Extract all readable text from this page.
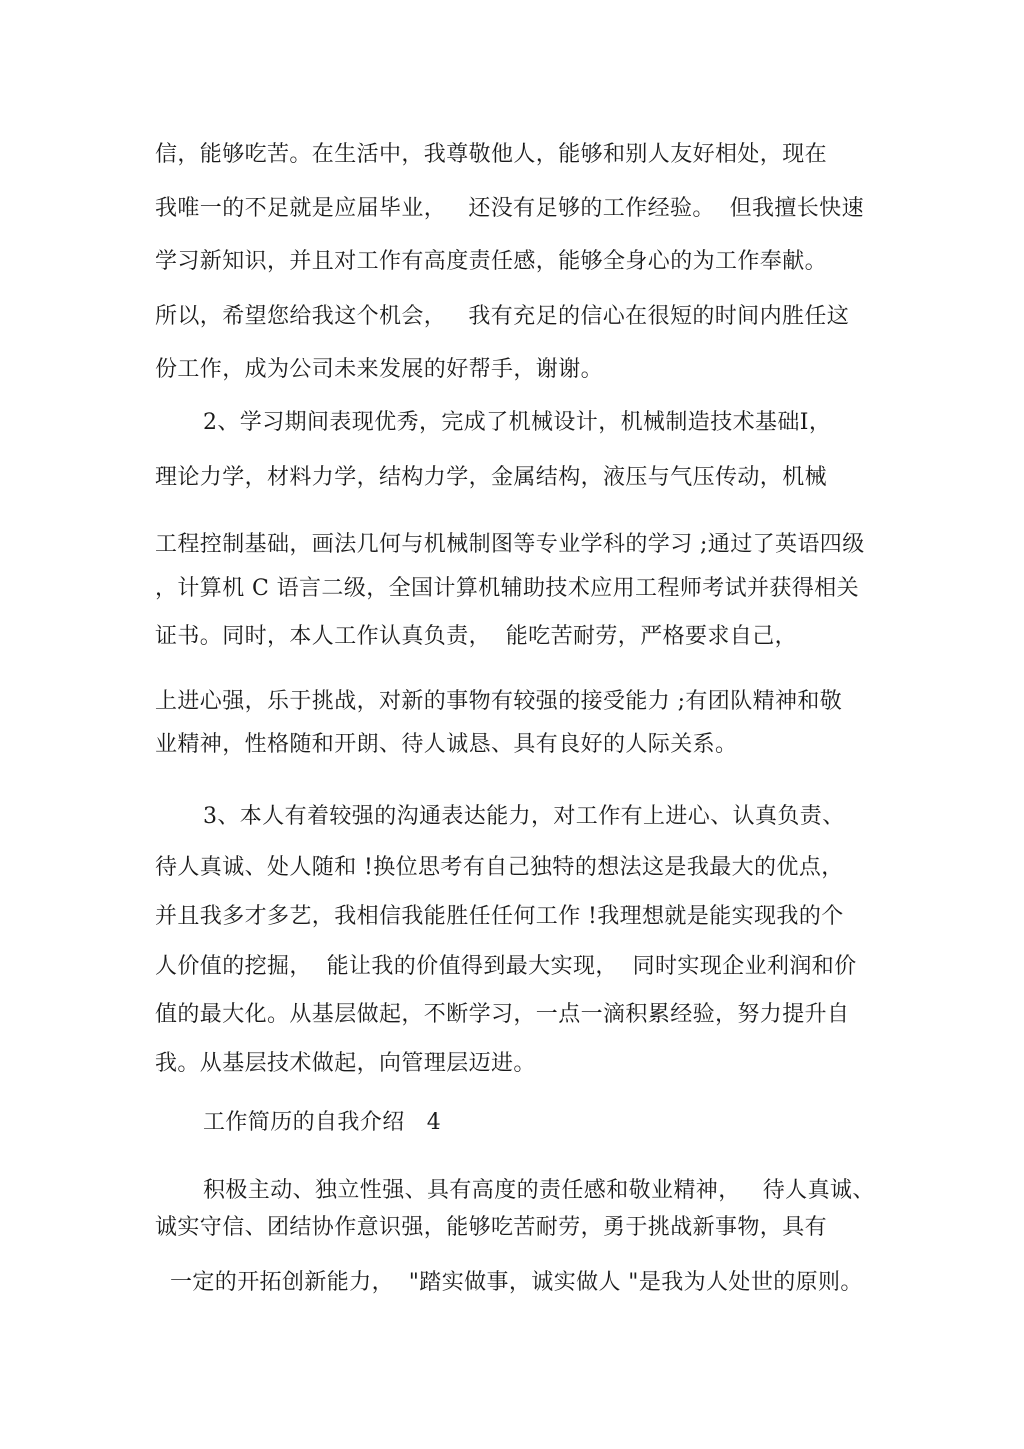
信，能够吃苦。在生活中，我尊敬他人，能够和别人友好相处，现在
我唯一的不足就是应届毕业，   还没有足够的工作经验。  但我擅长快速
学习新知识，并且对工作有高度责任感，能够全身心的为工作奉献。
所以，希望您给我这个机会，   我有充足的信心在很短的时间内胜任这
份工作，成为公司未来发展的好帮手，谢谢。
2、学习期间表现优秀，完成了机械设计，机械制造技术基础Ⅰ，
理论力学，材料力学，结构力学，金属结构，液压与气压传动，机械
工程控制基础，画法几何与机械制图等专业学科的学习 ;通过了英语四级
，计算机 C 语言二级，全国计算机辅助技术应用工程师考试并获得相关
证书。同时，本人工作认真负责，  能吃苦耐劳，严格要求自己，
上进心强，乐于挑战，对新的事物有较强的接受能力 ;有团队精神和敬
业精神，性格随和开朗、待人诚恳、具有良好的人际关系。
3、本人有着较强的沟通表达能力，对工作有上进心、认真负责、
待人真诚、处人随和 !换位思考有自己独特的想法这是我最大的优点，
并且我多才多艺，我相信我能胜任任何工作 !我理想就是能实现我的个
人价值的挖掘，  能让我的价值得到最大实现，  同时实现企业利润和价
值的最大化。从基层做起，不断学习，一点一滴积累经验，努力提升自
我。从基层技术做起，向管理层迈进。
工作简历的自我介绍   4
积极主动、独立性强、具有高度的责任感和敬业精神，   待人真诚、
诚实守信、团结协作意识强，能够吃苦耐劳，勇于挑战新事物，具有
一定的开拓创新能力，  "踏实做事，诚实做人 "是我为人处世的原则。
